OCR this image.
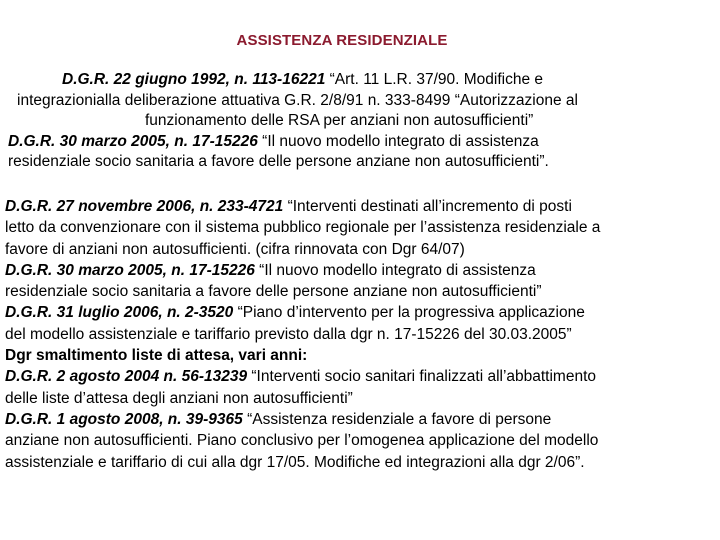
ASSISTENZA RESIDENZIALE
D.G.R. 22 giugno 1992, n. 113-16221 “Art. 11 L.R. 37/90. Modifiche e
integrazionialla deliberazione attuativa G.R. 2/8/91 n. 333-8499 “Autorizzazione al
funzionamento delle RSA per anziani non autosufficienti”
D.G.R. 30 marzo 2005, n. 17-15226 “Il nuovo modello integrato di assistenza
residenziale socio sanitaria a favore delle persone anziane non autosufficienti”.
D.G.R. 27 novembre 2006, n. 233-4721 “Interventi destinati all’incremento di posti
letto da convenzionare con il sistema pubblico regionale per l’assistenza residenziale a
favore di anziani non autosufficienti. (cifra rinnovata con Dgr 64/07)
D.G.R. 30 marzo 2005, n. 17-15226 “Il nuovo modello integrato di assistenza
residenziale socio sanitaria a favore delle persone anziane non autosufficienti”
D.G.R. 31 luglio 2006, n. 2-3520 “Piano d’intervento per la progressiva applicazione
del modello assistenziale e tariffario previsto dalla dgr n. 17-15226 del 30.03.2005”
Dgr smaltimento liste di attesa, vari anni:
D.G.R. 2 agosto 2004 n. 56-13239 “Interventi socio sanitari finalizzati all’abbattimento
delle liste d’attesa degli anziani non autosufficienti”
D.G.R. 1 agosto 2008, n. 39-9365 “Assistenza residenziale a favore di persone
anziane non autosufficienti. Piano conclusivo per l’omogenea applicazione del modello
assistenziale e tariffario di cui alla dgr 17/05. Modifiche ed integrazioni alla dgr 2/06”.
